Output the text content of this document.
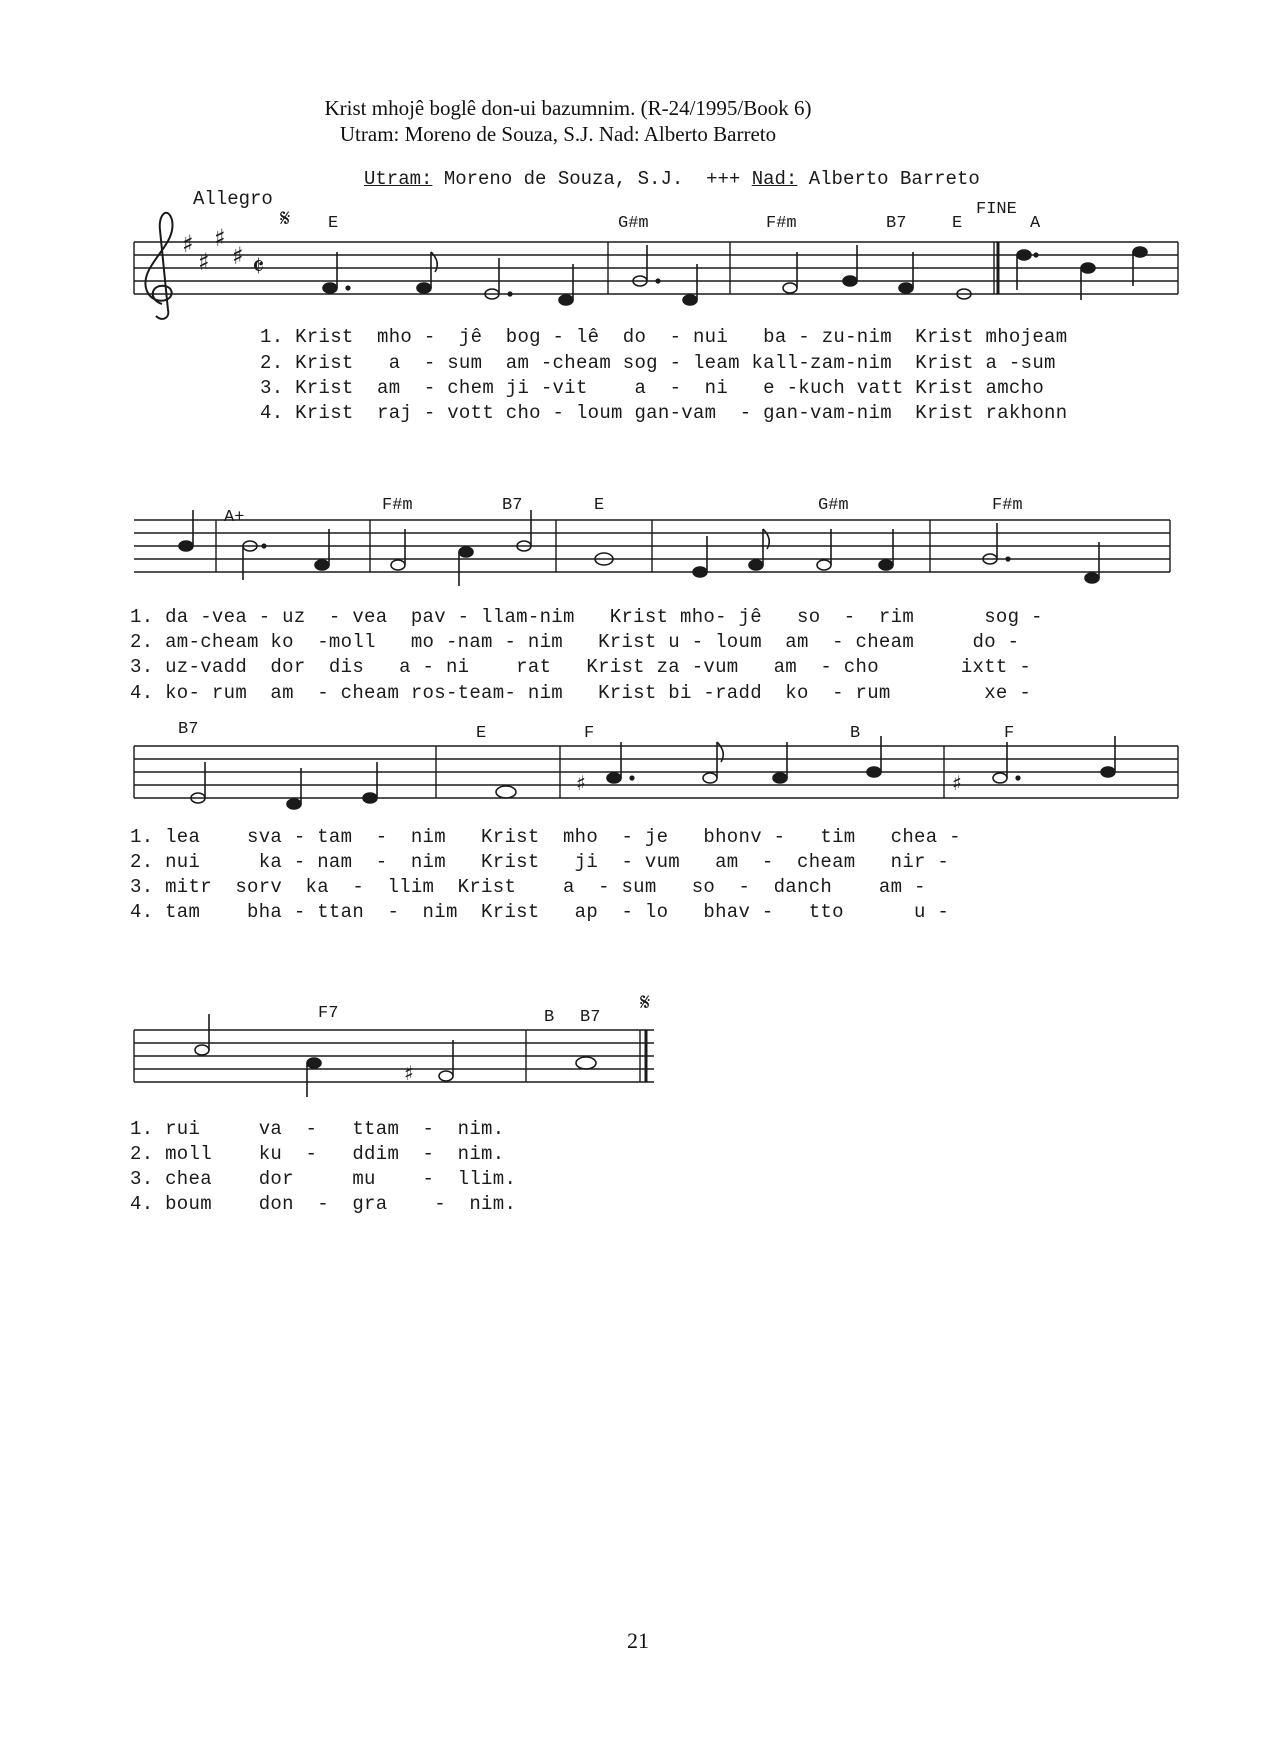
Krist mhojê boglê don-ui bazumnim. (R-24/1995/Book 6)
Utram: Moreno de Souza, S.J. Nad: Alberto Barreto
Utram: Moreno de Souza, S.J. +++ Nad: Alberto Barreto
Allegro
E	G#m	F#m	B7	E
FINE
A
1. Krist  mho -  jê  bog - lê  do  - nui   ba - zu-nim  Krist mhojeam
2. Krist   a  - sum  am -cheam sog - leam kall-zam-nim  Krist a -sum
3. Krist  am  - chem ji -vit    a  -  ni   e -kuch vatt Krist amcho
4. Krist  raj - vott cho - loum gan-vam  - gan-vam-nim  Krist rakhonn
A+
F#m	B7	E	G#m	F#m
1. da -vea - uz  - vea  pav - llam-nim   Krist mho- jê   so  -  rim      sog -
2. am-cheam ko  -moll   mo -nam - nim   Krist u - loum  am  - cheam     do -
3. uz-vadd  dor  dis   a - ni    rat   Krist za -vum   am  - cho       ixtt -
4. ko- rum  am  - cheam ros-team- nim   Krist bi -radd  ko  - rum        xe -
B7	E	F	B	F
1. lea    sva - tam  -  nim   Krist  mho  - je   bhonv -   tim   chea -
2. nui     ka - nam  -  nim   Krist   ji  - vum   am  -  cheam   nir -
3. mitr  sorv  ka  -  llim  Krist    a  - sum   so  -  danch    am -
4. tam    bha - ttan  -  nim  Krist   ap  - lo   bhav -   tto      u -
F7	B B7
1. rui     va  -   ttam  -  nim.
2. moll    ku  -   ddim  -  nim.
3. chea    dor     mu    -  llim.
4. boum    don  -  gra    -  nim.
♯
♯
♯
♯ 𝄵
𝄋
𝄋
♯	♯
♯
21
